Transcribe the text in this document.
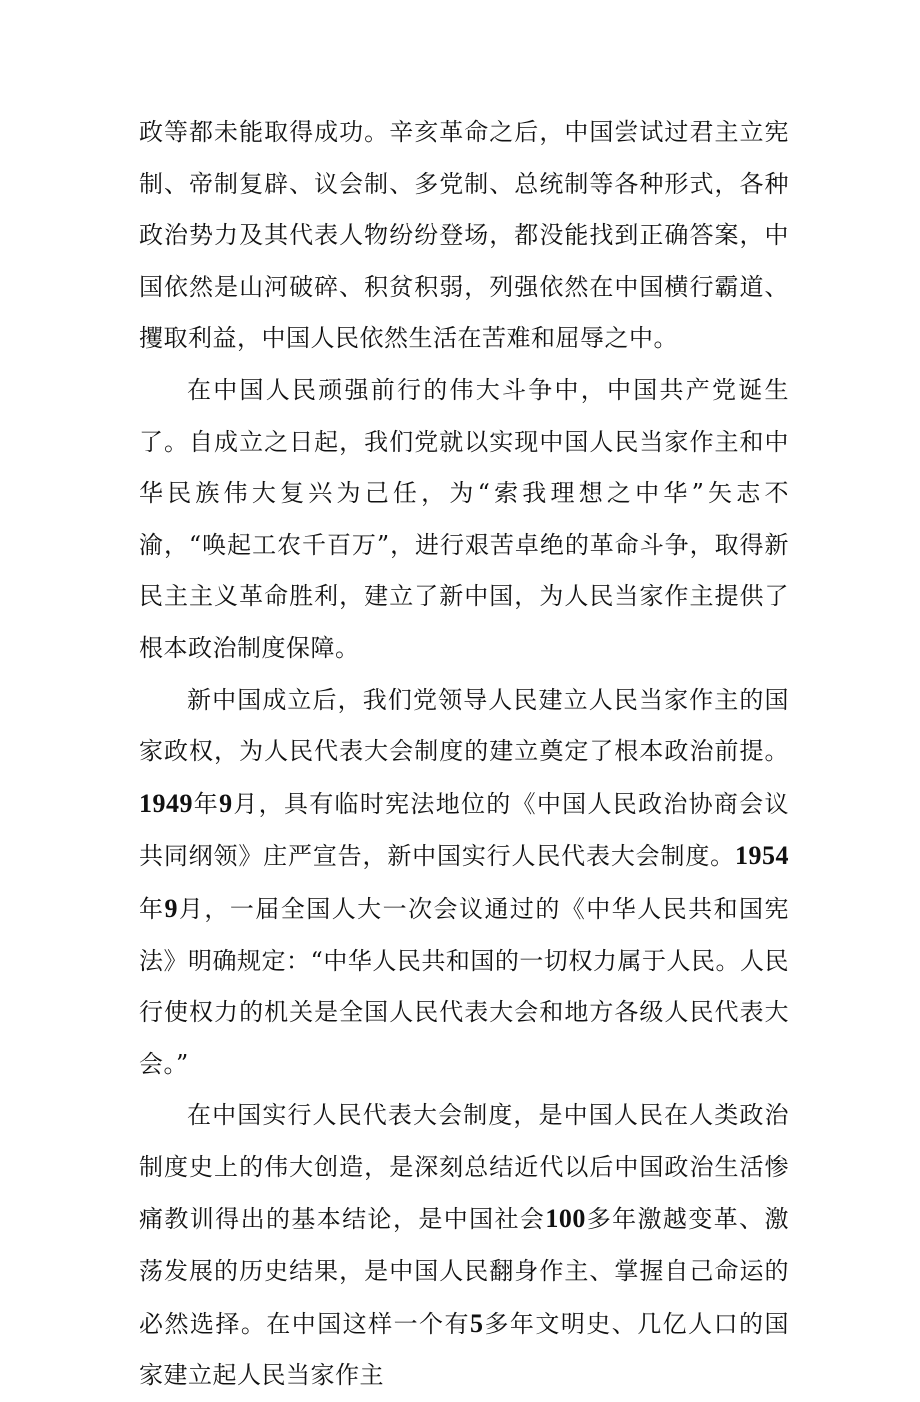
政等都未能取得成功。辛亥革命之后，中国尝试过君主立宪制、帝制复辟、议会制、多党制、总统制等各种形式，各种政治势力及其代表人物纷纷登场，都没能找到正确答案，中国依然是山河破碎、积贫积弱，列强依然在中国横行霸道、攫取利益，中国人民依然生活在苦难和屈辱之中。

在中国人民顽强前行的伟大斗争中，中国共产党诞生了。自成立之日起，我们党就以实现中国人民当家作主和中华民族伟大复兴为己任，为“索我理想之中华”矢志不渝，“唤起工农千百万”，进行艰苦卓绝的革命斗争，取得新民主主义革命胜利，建立了新中国，为人民当家作主提供了根本政治制度保障。

新中国成立后，我们党领导人民建立人民当家作主的国家政权，为人民代表大会制度的建立奠定了根本政治前提。1949年9月，具有临时宪法地位的《中国人民政治协商会议共同纲领》庄严宣告，新中国实行人民代表大会制度。1954年9月，一届全国人大一次会议通过的《中华人民共和国宪法》明确规定：“中华人民共和国的一切权力属于人民。人民行使权力的机关是全国人民代表大会和地方各级人民代表大会。”

在中国实行人民代表大会制度，是中国人民在人类政治制度史上的伟大创造，是深刻总结近代以后中国政治生活惨痛教训得出的基本结论，是中国社会100多年激越变革、激荡发展的历史结果，是中国人民翻身作主、掌握自己命运的必然选择。在中国这样一个有5多年文明史、几亿人口的国家建立起人民当家作主
